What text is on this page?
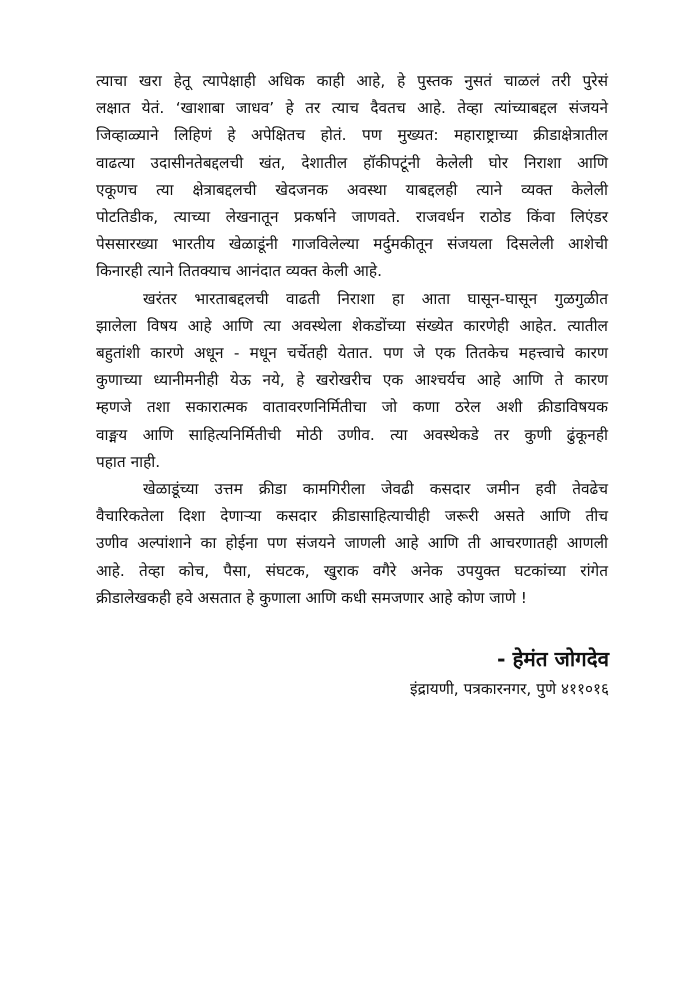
त्याचा खरा हेतू त्यापेक्षाही अधिक काही आहे, हे पुस्तक नुसतं चाळलं तरी पुरेसं
लक्षात येतं. ‘खाशाबा जाधव’ हे तर त्याच दैवतच आहे. तेव्हा त्यांच्याबद्दल संजयने
जिव्हाळ्याने लिहिणं हे अपेक्षितच होतं. पण मुख्यत: महाराष्ट्राच्या क्रीडाक्षेत्रातील
वाढत्या उदासीनतेबद्दलची खंत, देशातील हॉकीपटूंनी केलेली घोर निराशा आणि
एकूणच त्या क्षेत्राबद्दलची खेदजनक अवस्था याबद्दलही त्याने व्यक्त केलेली
पोटतिडीक, त्याच्या लेखनातून प्रकर्षाने जाणवते. राजवर्धन राठोड किंवा लिएंडर
पेससारख्या भारतीय खेळाडूंनी गाजविलेल्या मर्दुमकीतून संजयला दिसलेली आशेची
किनारही त्याने तितक्याच आनंदात व्यक्त केली आहे.

खरंतर भारताबद्दलची वाढती निराशा हा आता घासून-घासून गुळगुळीत
झालेला विषय आहे आणि त्या अवस्थेला शेकडोंच्या संख्येत कारणेही आहेत. त्यातील
बहुतांशी कारणे अधून - मधून चर्चेतही येतात. पण जे एक तितकेच महत्त्वाचे कारण
कुणाच्या ध्यानीमनीही येऊ नये, हे खरोखरीच एक आश्चर्यच आहे आणि ते कारण
म्हणजे तशा सकारात्मक वातावरणनिर्मितीचा जो कणा ठरेल अशी क्रीडाविषयक
वाङ्मय आणि साहित्यनिर्मितीची मोठी उणीव. त्या अवस्थेकडे तर कुणी ढुंकूनही
पहात नाही.

खेळाडूंच्या उत्तम क्रीडा कामगिरीला जेवढी कसदार जमीन हवी तेवढेच
वैचारिकतेला दिशा देणाऱ्या कसदार क्रीडासाहित्याचीही जरूरी असते आणि तीच
उणीव अल्पांशाने का होईना पण संजयने जाणली आहे आणि ती आचरणातही आणली
आहे. तेव्हा कोच, पैसा, संघटक, खुराक वगैरे अनेक उपयुक्त घटकांच्या रांगेत
क्रीडालेखकही हवे असतात हे कुणाला आणि कधी समजणार आहे कोण जाणे !

- हेमंत जोगदेव
इंद्रायणी, पत्रकारनगर, पुणे ४११०१६
